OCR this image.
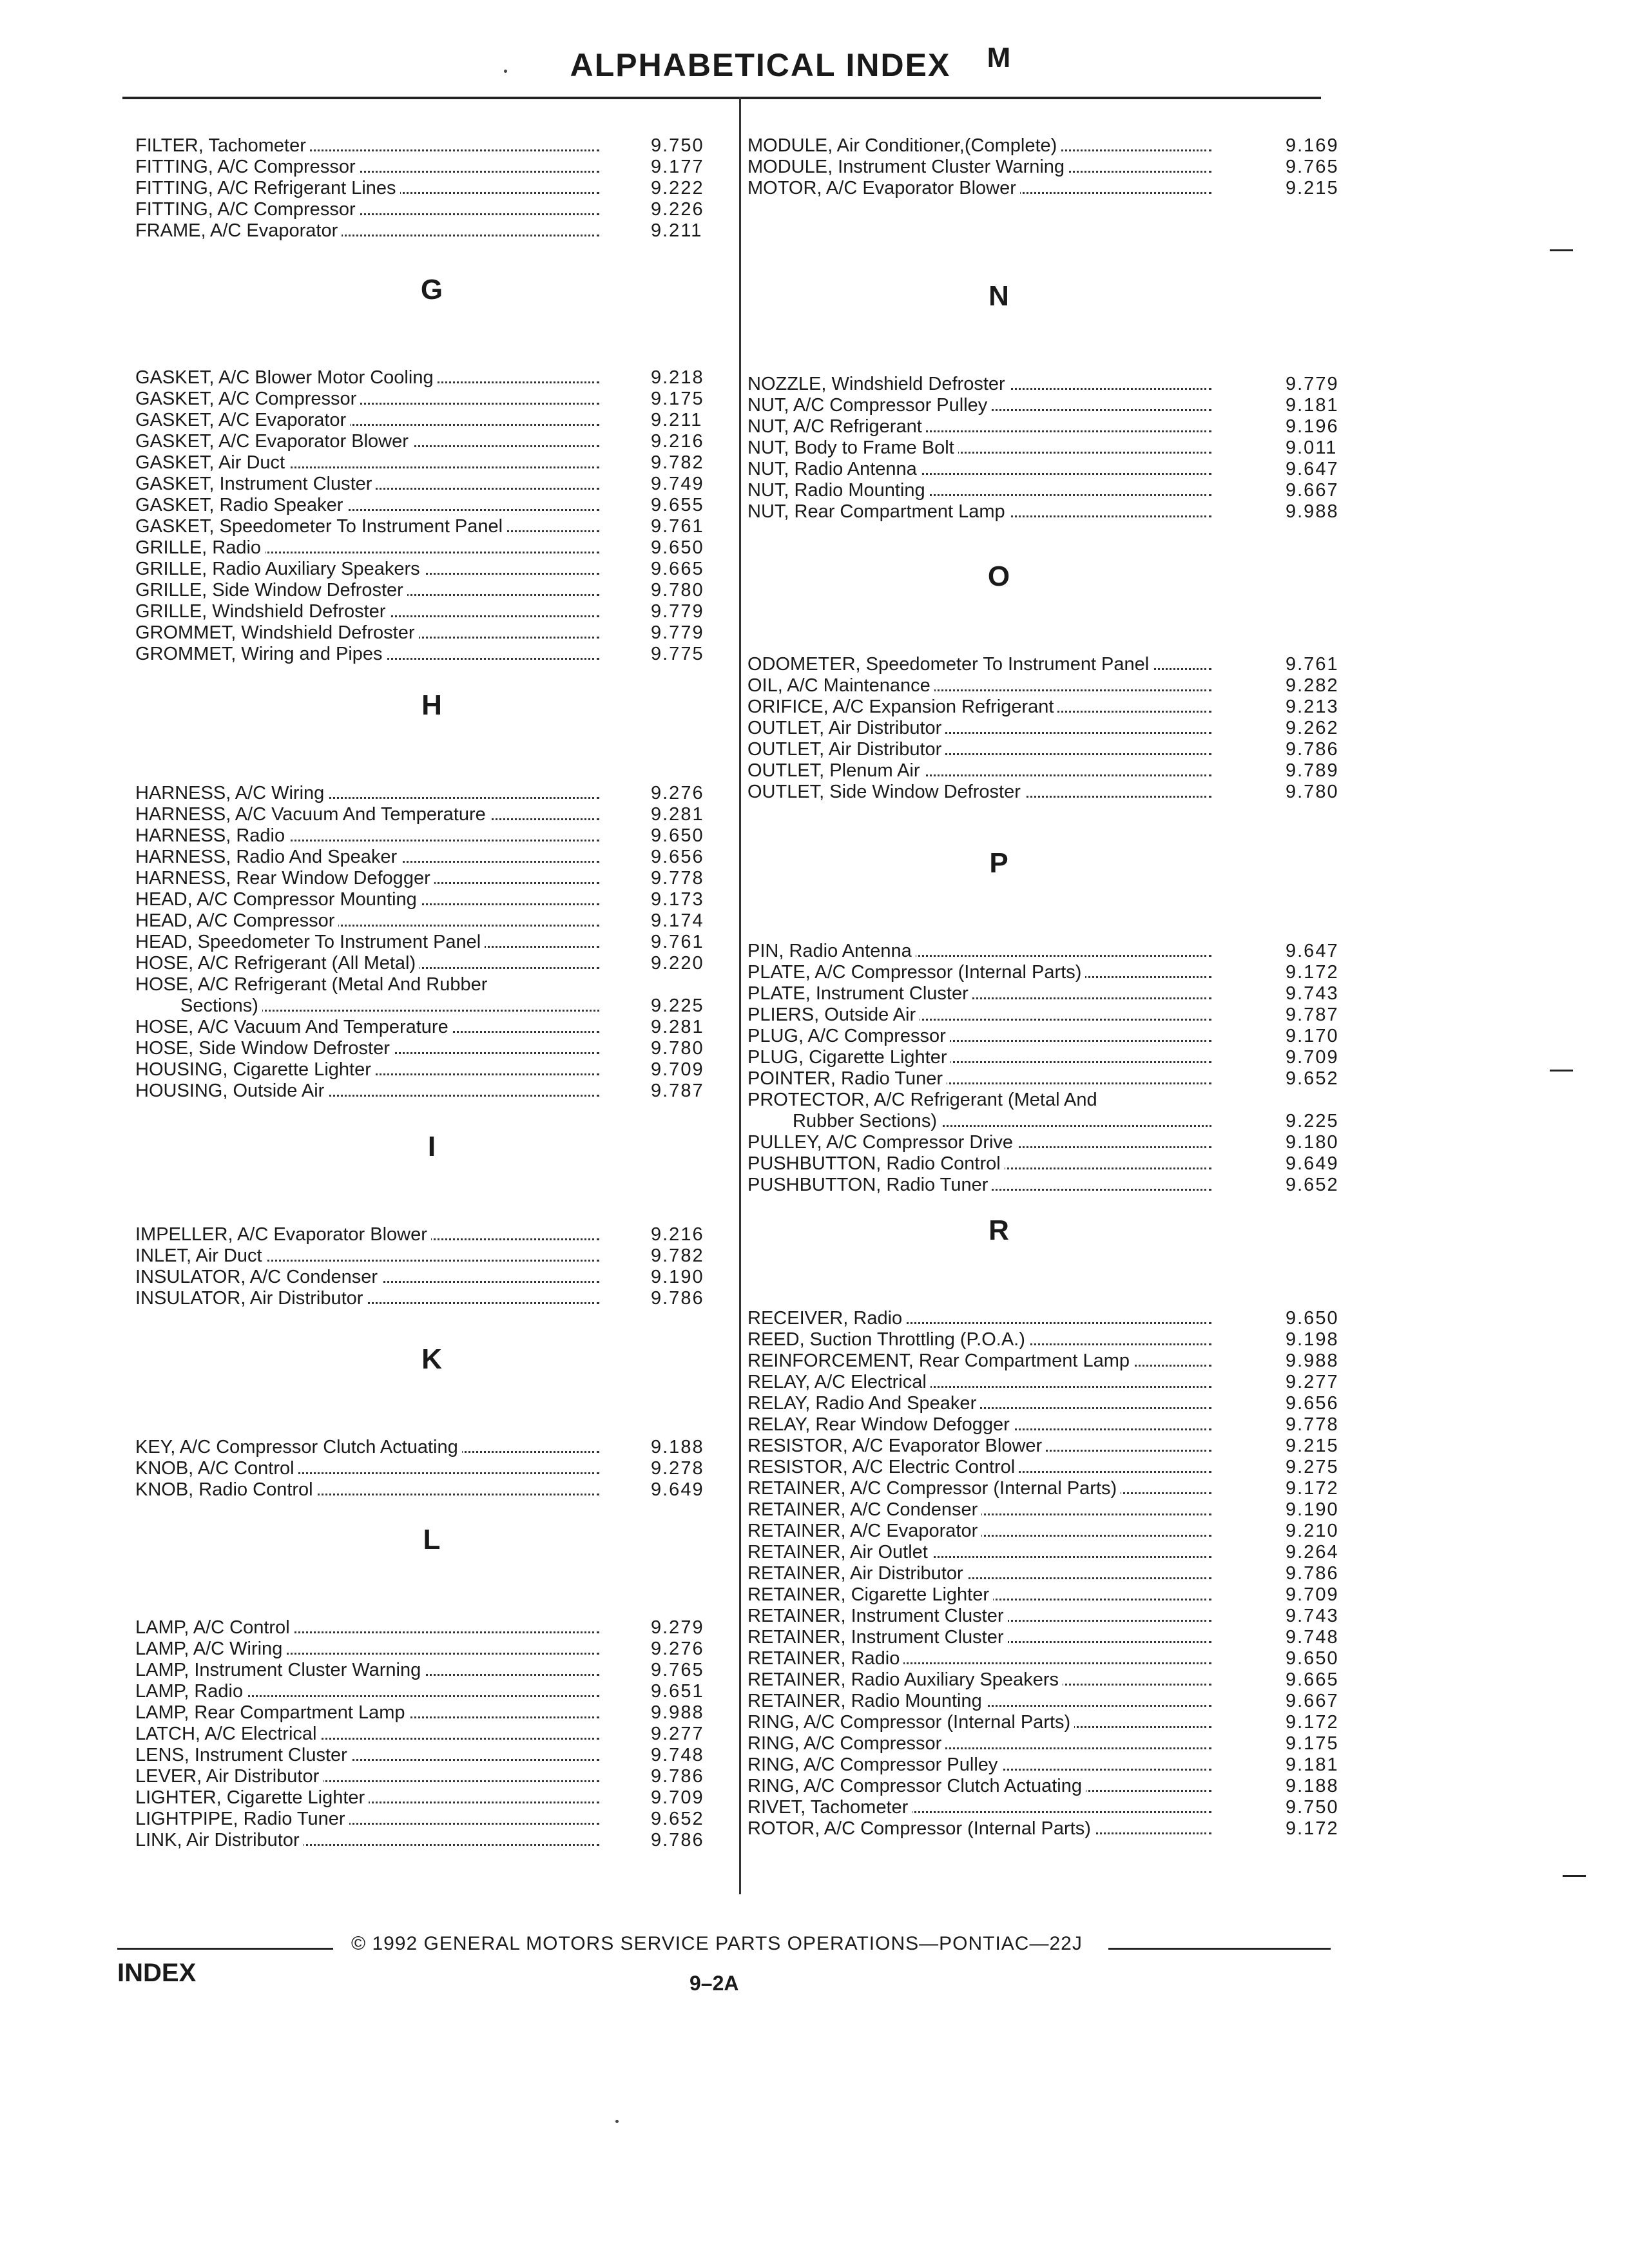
ALPHABETICAL INDEX
FILTER, Tachometer	9.750
FITTING, A/C Compressor	9.177
FITTING, A/C Refrigerant Lines	9.222
FITTING, A/C Compressor	9.226
FRAME, A/C Evaporator	9.211
G
GASKET, A/C Blower Motor Cooling	9.218
GASKET, A/C Compressor	9.175
GASKET, A/C Evaporator	9.211
GASKET, A/C Evaporator Blower	9.216
GASKET, Air Duct	9.782
GASKET, Instrument Cluster	9.749
GASKET, Radio Speaker	9.655
GASKET, Speedometer To Instrument Panel	9.761
GRILLE, Radio	9.650
GRILLE, Radio Auxiliary Speakers	9.665
GRILLE, Side Window Defroster	9.780
GRILLE, Windshield Defroster	9.779
GROMMET, Windshield Defroster	9.779
GROMMET, Wiring and Pipes	9.775
H
HARNESS, A/C Wiring	9.276
HARNESS, A/C Vacuum And Temperature	9.281
HARNESS, Radio	9.650
HARNESS, Radio And Speaker	9.656
HARNESS, Rear Window Defogger	9.778
HEAD, A/C Compressor Mounting	9.173
HEAD, A/C Compressor	9.174
HEAD, Speedometer To Instrument Panel	9.761
HOSE, A/C Refrigerant (All Metal)	9.220
HOSE, A/C Refrigerant (Metal And Rubber
Sections)	9.225
HOSE, A/C Vacuum And Temperature	9.281
HOSE, Side Window Defroster	9.780
HOUSING, Cigarette Lighter	9.709
HOUSING, Outside Air	9.787
I
IMPELLER, A/C Evaporator Blower	9.216
INLET, Air Duct	9.782
INSULATOR, A/C Condenser	9.190
INSULATOR, Air Distributor	9.786
K
KEY, A/C Compressor Clutch Actuating	9.188
KNOB, A/C Control	9.278
KNOB, Radio Control	9.649
L
LAMP, A/C Control	9.279
LAMP, A/C Wiring	9.276
LAMP, Instrument Cluster Warning	9.765
LAMP, Radio	9.651
LAMP, Rear Compartment Lamp	9.988
LATCH, A/C Electrical	9.277
LENS, Instrument Cluster	9.748
LEVER, Air Distributor	9.786
LIGHTER, Cigarette Lighter	9.709
LIGHTPIPE, Radio Tuner	9.652
LINK, Air Distributor	9.786
M
MODULE, Air Conditioner,(Complete)	9.169
MODULE, Instrument Cluster Warning	9.765
MOTOR, A/C Evaporator Blower	9.215
N
NOZZLE, Windshield Defroster	9.779
NUT, A/C Compressor Pulley	9.181
NUT, A/C Refrigerant	9.196
NUT, Body to Frame Bolt	9.011
NUT, Radio Antenna	9.647
NUT, Radio Mounting	9.667
NUT, Rear Compartment Lamp	9.988
O
ODOMETER, Speedometer To Instrument Panel	9.761
OIL, A/C Maintenance	9.282
ORIFICE, A/C Expansion Refrigerant	9.213
OUTLET, Air Distributor	9.262
OUTLET, Air Distributor	9.786
OUTLET, Plenum Air	9.789
OUTLET, Side Window Defroster	9.780
P
PIN, Radio Antenna	9.647
PLATE, A/C Compressor (Internal Parts)	9.172
PLATE, Instrument Cluster	9.743
PLIERS, Outside Air	9.787
PLUG, A/C Compressor	9.170
PLUG, Cigarette Lighter	9.709
POINTER, Radio Tuner	9.652
PROTECTOR, A/C Refrigerant (Metal And
Rubber Sections)	9.225
PULLEY, A/C Compressor Drive	9.180
PUSHBUTTON, Radio Control	9.649
PUSHBUTTON, Radio Tuner	9.652
R
RECEIVER, Radio	9.650
REED, Suction Throttling (P.O.A.)	9.198
REINFORCEMENT, Rear Compartment Lamp	9.988
RELAY, A/C Electrical	9.277
RELAY, Radio And Speaker	9.656
RELAY, Rear Window Defogger	9.778
RESISTOR, A/C Evaporator Blower	9.215
RESISTOR, A/C Electric Control	9.275
RETAINER, A/C Compressor (Internal Parts)	9.172
RETAINER, A/C Condenser	9.190
RETAINER, A/C Evaporator	9.210
RETAINER, Air Outlet	9.264
RETAINER, Air Distributor	9.786
RETAINER, Cigarette Lighter	9.709
RETAINER, Instrument Cluster	9.743
RETAINER, Instrument Cluster	9.748
RETAINER, Radio	9.650
RETAINER, Radio Auxiliary Speakers	9.665
RETAINER, Radio Mounting	9.667
RING, A/C Compressor (Internal Parts)	9.172
RING, A/C Compressor	9.175
RING, A/C Compressor Pulley	9.181
RING, A/C Compressor Clutch Actuating	9.188
RIVET, Tachometer	9.750
ROTOR, A/C Compressor (Internal Parts)	9.172
© 1992 GENERAL MOTORS SERVICE PARTS OPERATIONS—PONTIAC—22J
INDEX	9–2A
